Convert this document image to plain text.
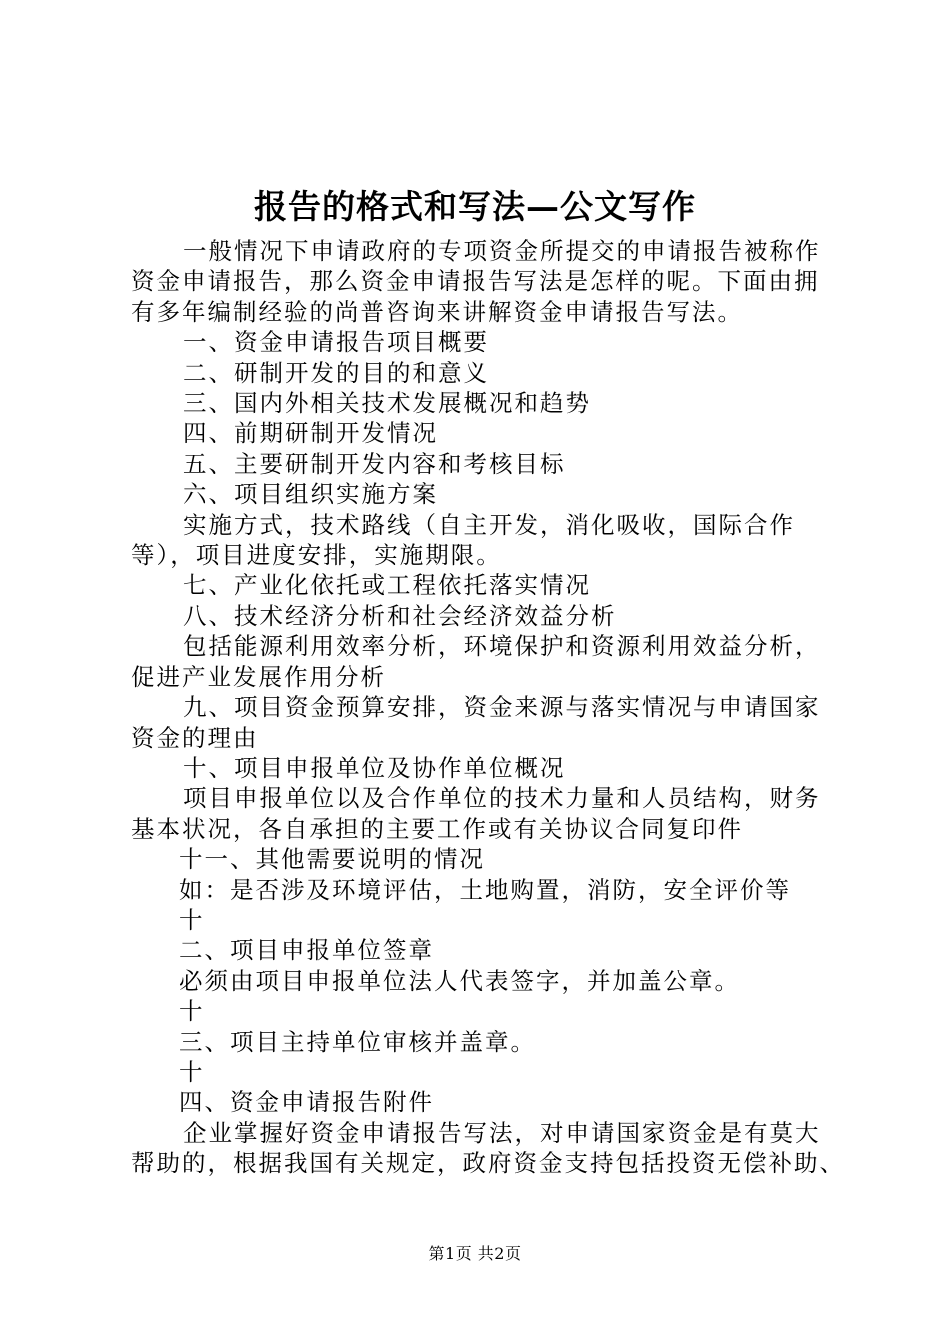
报告的格式和写法—公文写作

一般情况下申请政府的专项资金所提交的申请报告被称作

资金申请报告，那么资金申请报告写法是怎样的呢。下面由拥

有多年编制经验的尚普咨询来讲解资金申请报告写法。

一、资金申请报告项目概要

二、研制开发的目的和意义

三、国内外相关技术发展概况和趋势

四、前期研制开发情况

五、主要研制开发内容和考核目标

六、项目组织实施方案

实施方式，技术路线（自主开发，消化吸收，国际合作

等），项目进度安排，实施期限。

七、产业化依托或工程依托落实情况

八、技术经济分析和社会经济效益分析

包括能源利用效率分析，环境保护和资源利用效益分析，

促进产业发展作用分析

九、项目资金预算安排，资金来源与落实情况与申请国家

资金的理由

十、项目申报单位及协作单位概况

项目申报单位以及合作单位的技术力量和人员结构，财务

基本状况，各自承担的主要工作或有关协议合同复印件

十一、其他需要说明的情况

如：是否涉及环境评估，土地购置，消防，安全评价等

十

二、项目申报单位签章

必须由项目申报单位法人代表签字，并加盖公章。

十

三、项目主持单位审核并盖章。

十

四、资金申请报告附件

企业掌握好资金申请报告写法，对申请国家资金是有莫大

帮助的，根据我国有关规定，政府资金支持包括投资无偿补助、

第1页 共2页
